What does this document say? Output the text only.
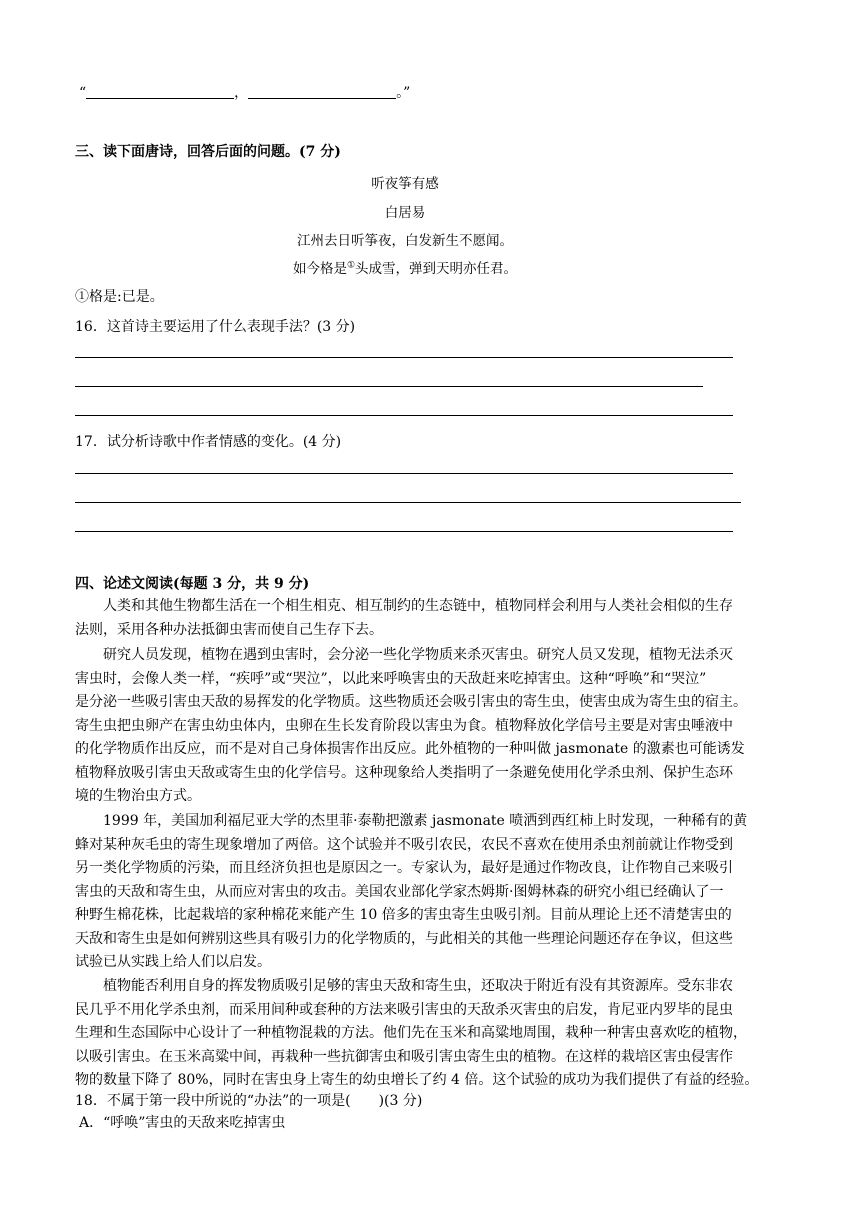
“	，	。”
三、读下面唐诗，回答后面的问题。(7 分)
听夜筝有感
白居易
江州去日听筝夜，白发新生不愿闻。
如今格是①头成雪，弹到天明亦任君。
①格是:已是。
16．这首诗主要运用了什么表现手法？(3 分)
17．试分析诗歌中作者情感的变化。(4 分)
四、论述文阅读(每题 3 分，共 9 分)
人类和其他生物都生活在一个相生相克、相互制约的生态链中，植物同样会利用与人类社会相似的生存
法则，采用各种办法抵御虫害而使自己生存下去。
研究人员发现，植物在遇到虫害时，会分泌一些化学物质来杀灭害虫。研究人员又发现，植物无法杀灭
害虫时，会像人类一样，“疾呼”或“哭泣”，以此来呼唤害虫的天敌赶来吃掉害虫。这种“呼唤”和“哭泣”
是分泌一些吸引害虫天敌的易挥发的化学物质。这些物质还会吸引害虫的寄生虫，使害虫成为寄生虫的宿主。
寄生虫把虫卵产在害虫幼虫体内，虫卵在生长发育阶段以害虫为食。植物释放化学信号主要是对害虫唾液中
的化学物质作出反应，而不是对自己身体损害作出反应。此外植物的一种叫做 jasmonate 的激素也可能诱发
植物释放吸引害虫天敌或寄生虫的化学信号。这种现象给人类指明了一条避免使用化学杀虫剂、保护生态环
境的生物治虫方式。
1999 年，美国加利福尼亚大学的杰里菲·泰勒把激素 jasmonate 喷洒到西红柿上时发现，一种稀有的黄
蜂对某种灰毛虫的寄生现象增加了两倍。这个试验并不吸引农民，农民不喜欢在使用杀虫剂前就让作物受到
另一类化学物质的污染，而且经济负担也是原因之一。专家认为，最好是通过作物改良，让作物自己来吸引
害虫的天敌和寄生虫，从而应对害虫的攻击。美国农业部化学家杰姆斯·图姆林森的研究小组已经确认了一
种野生棉花株，比起栽培的家种棉花来能产生 10 倍多的害虫寄生虫吸引剂。目前从理论上还不清楚害虫的
天敌和寄生虫是如何辨别这些具有吸引力的化学物质的，与此相关的其他一些理论问题还存在争议，但这些
试验已从实践上给人们以启发。
植物能否利用自身的挥发物质吸引足够的害虫天敌和寄生虫，还取决于附近有没有其资源库。受东非农
民几乎不用化学杀虫剂，而采用间种或套种的方法来吸引害虫的天敌杀灭害虫的启发，肯尼亚内罗毕的昆虫
生理和生态国际中心设计了一种植物混栽的方法。他们先在玉米和高粱地周围，栽种一种害虫喜欢吃的植物，
以吸引害虫。在玉米高粱中间，再栽种一些抗御害虫和吸引害虫寄生虫的植物。在这样的栽培区害虫侵害作
物的数量下降了 80%，同时在害虫身上寄生的幼虫增长了约 4 倍。这个试验的成功为我们提供了有益的经验。
18．不属于第一段中所说的“办法”的一项是(　　)(3 分)
A．“呼唤”害虫的天敌来吃掉害虫
